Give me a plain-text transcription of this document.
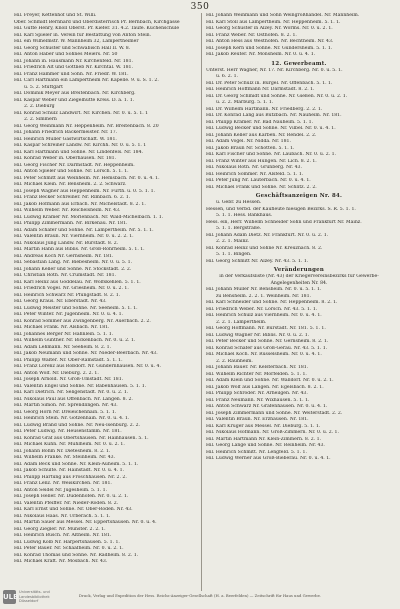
350
Hil. Freyer, Kettenhof und St. Willi.
Ober. Schmidt Bernhard und Oberdisterrisch Pr. Bernbach, Kirchgasse
Hil. Gutte Henry, Knoll Oberst. Pr. Kiefer. 31. 4.2. Taufe. Kuchenschule
Hil. Karl Spieler in. Verein für Bestattung von Anton Stein.
Hil. ein Wilhelmstr. W. Mannheim 32, Lampertheimer
Hil. Georg Schuster und Schwäbisch Hall II. W. 8.
Hil. Anton Haber und Sohnes Meiers. Nr. 50
Hil. Johann in. Hausmann Nr. Kirchenfeld. Nr. 181.
Hil. Friedrich Alt und Gottlieb Nr. Kirchtal. W. 181.
Hil. Franz Hammer und Sohn. Nr. Friedr. W. 181.
Hil. Carl Hartmann ein Lampertheim Nr. Kapelle. 9. u. S. 1. 2.
u. 5. 2. Stuttgart
Hil. Dominik Meyer aus Breitenbach. Nr. Kirchberg.
Hil. Kaspar Weber und Ziegelhütte Kreis. D. a. 1. 1.
2. 2. Dieburg
Hil. Konrad Schulz Landwirt. Nr. Kirchen. Nr. 0. u. 5. 1. 1
2. 2. Simmern
Hil. Georg Weinmann Nr. Heppenheim. Nr. Breitenbach. 8. 20
Hil. Johann Friedrich Bäckermeister. Nr. 17.
Hil. Heinrich Müller Gastwirtschaft. W. 181.
Hil. Kaspar Schreiner Landw. Nr. Kirchh. Nr. 0. u. 5. 1. 1
Hil. Karl Hartmann und Söhne. Nr. Lindenfels. Nr. 184.
Hil. Konrad Weber in. Oberhausen. Nr. 181.
Hil. Georg Fischer Nr. Darmstadt. Nr. Heppenheim.
Hil. Anton Spieler und Söhne. Nr. Lorsch. 5. 1. 1.
Hil. Peter Schmitt aus Weinheim. Nr. Hemsbach. Nr. 0. u. 4. 1.
Hil. Michael Klein. Nr. Bensheim. 2. 2. Schwarz.
Hil. Joseph Wagner aus Heppenheim. Nr. Fürth. u. 0. 5. 1. 1.
Hil. Franz Becker Schreiner. Nr. Rimbach. 6. 2. 1.
Hil. Jakob Hofmann aus Erbach. Nr. Michelstadt. 8. 2. 1.
Hil. Wilhelm Weber. Nr. Reichelsheim. Nr. 43.
Hil. Ludwig Krämer Nr. Mörlenbach. Nr. Wald-Michelbach. 1. 1.
Hil. Philipp Zimmermann. Nr. Birkenau. Nr. 181.
Hil. Adam Schäfer und Söhne. Nr. Lampertheim. Nr. 5. 1. 1.
Hil. Valentin Braun. Nr. Viernheim. Nr. 0. u. 2. 2. 1.
Hil. Nikolaus Jung Landw. Nr. Bürstadt. 8. 2.
Hil. Martin Hahn aus Biblis. Nr. Groß-Rohrheim. 5. 1. 1.
Hil. Andreas Koch Nr. Gernsheim. Nr. 181.
Hil. Sebastian Lang. Nr. Biebesheim. Nr. 0. u. 5. 1.
Hil. Johann Keller und Söhne. Nr. Stockstadt. 2. 2.
Hil. Christian Roth. Nr. Crumstadt. Nr. 181.
Hil. Karl Heinz aus Goddelau. Nr. Wolfskehlen. 5. 1. 1.
Hil. Friedrich Vogel. Nr. Griesheim. Nr. 0. u. 2. 1.
Hil. Heinrich Schwarz Nr. Pfungstadt. 8. 2. 1.
Hil. Georg Kraus. Nr. Eberstadt. Nr. 43.
Hil. Ludwig Meister und Söhne. Nr. Seeheim. 5. 1. 1.
Hil. Peter Winter. Nr. Jugenheim. Nr. 0. u. 4. 1.
Hil. Konrad Sommer aus Zwingenberg. Nr. Auerbach. 2. 2.
Hil. Michael Frank. Nr. Alsbach. Nr. 181.
Hil. Johannes Berger Nr. Hähnlein. 5. 1. 1.
Hil. Wilhelm Günther. Nr. Bickenbach. Nr. 0. u. 2. 1.
Hil. Adam Lehmann. Nr. Seeheim. 8. 2. 1.
Hil. Jakob Neumann und Söhne. Nr. Nieder-Beerbach. Nr. 43.
Hil. Philipp Walter. Nr. Ober-Ramstadt. 5. 1. 1.
Hil. Franz Lorenz aus Roßdorf. Nr. Gundernhausen. Nr. 0. u. 4.
Hil. Anton Wolf. Nr. Dieburg. 2. 2. 1.
Hil. Joseph Arnold. Nr. Groß-Umstadt. Nr. 181.
Hil. Valentin Engel und Söhne. Nr. Babenhausen. 5. 1. 1.
Hil. Karl Dietrich. Nr. Seligenstadt. Nr. 0. u. 2. 1.
Hil. Nikolaus Paul aus Offenbach. Nr. Langen. 8. 2.
Hil. Martin Simon. Nr. Sprendlingen. Nr. 43.
Hil. Georg Horn Nr. Dreieichenhain. 5. 1. 1.
Hil. Heinrich Stein. Nr. Götzenhain. Nr. 0. u. 4. 1.
Hil. Ludwig Brand und Söhne. Nr. Neu-Isenburg. 2. 2.
Hil. Peter Ludwig. Nr. Heusenstamm. Nr. 181.
Hil. Konrad Graf aus Obertshausen. Nr. Hainhausen. 5. 1.
Hil. Michael Kuhn. Nr. Mühlheim. Nr. 0. u. 2. 1.
Hil. Johann Böhm Nr. Dietesheim. 8. 2. 1.
Hil. Wilhelm Franke. Nr. Steinheim. Nr. 43.
Hil. Adam Beck und Söhne. Nr. Klein-Auheim. 5. 1. 1.
Hil. Jakob Schulte. Nr. Hainstadt. Nr. 0. u. 4. 1.
Hil. Philipp Hartung aus Froschhausen. Nr. 2. 2.
Hil. Franz Lenz. Nr. Weiskirchen. Nr. 181.
Hil. Anton Seidel Nr. Jügesheim. 5. 1. 1.
Hil. Joseph Heller. Nr. Dudenhofen. Nr. 0. u. 2. 1.
Hil. Valentin Pfeiffer. Nr. Nieder-Roden. 8. 2.
Hil. Karl Ernst und Söhne. Nr. Ober-Roden. Nr. 43.
Hil. Nikolaus Haas. Nr. Urberach. 5. 1. 1.
Hil. Martin Sauer aus Messel. Nr. Eppertshausen. Nr. 0. u. 4.
Hil. Georg Ziegler. Nr. Münster. 2. 2. 1.
Hil. Heinrich Busch. Nr. Altheim. Nr. 181.
Hil. Ludwig Kolb Nr. Harpertshausen. 5. 1. 1.
Hil. Peter Bauer. Nr. Schaafheim. Nr. 0. u. 2. 1.
Hil. Konrad Thomas und Söhne. Nr. Radheim. 8. 2. 1.
Hil. Michael Kraft. Nr. Mosbach. Nr. 43.
Hil. Johann Weinmann und Sohn Weingroßhandel. Nr. Mannheim.
Hil. Karl Stoll aus Lampertheim. Nr. Heppenheim. 5. 1. 1.
Hil. Georg Schuster in Alzey. Nr. Worms. Nr. 0. u. 2. 1.
Hil. Franz Weber. Nr. Osthofen. 8. 2. 1.
Hil. Anton Hess aus Westhofen. Nr. Bechtheim. Nr. 43.
Hil. Joseph Kern und Söhne. Nr. Gundersheim. 5. 1. 1.
Hil. Jakob Reuter. Nr. Monsheim. Nr. 0. u. 4. 1.
12. Gewerbeamt.
Unterst. Herr Wagner, Nr. 17. Nr. Kirchberg. Nr. 0. u. 5. 1.
u. 6. 2. 1.
Hil. Dr. Peter Schulz in. Bürgel. Nr. Offenbach. 5. 1. 1.
Hil. Heinrich Hoffmann Nr. Darmstadt. 8. 2. 1.
Hil. Dr. Georg Schmidt und Söhne. Nr. Gießen. Nr. 0. u. 2. 1.
u. 2. 2. Marburg. 5. 1. 1.
Hil. Dr. Wilhelm Hartmann. Nr. Friedberg. 2. 2. 1.
Hil. Dr. Konrad Lang aus Butzbach. Nr. Nauheim. Nr. 181.
Hil. Philipp Krämer. Nr. Bad Nauheim. 5. 1. 1.
Hil. Ludwig Becker und Söhne. Nr. Vilbel. Nr. 0. u. 4. 1.
Hil. Johann Keller aus Karben. Nr. Rendel. 2. 2.
Hil. Adam Vogel. Nr. Nidda. Nr. 181.
Hil. Jakob Braun Nr. Schotten. 5. 1. 1.
Hil. Karl Fischer und Söhne. Nr. Laubach. Nr. 0. u. 2. 1.
Hil. Franz Winter aus Hungen. Nr. Lich. 8. 2. 1.
Hil. Nikolaus Roth. Nr. Grünberg. Nr. 43.
Hil. Heinrich Sommer. Nr. Alsfeld. 5. 1. 1.
Hil. Peter Jung Nr. Lauterbach. Nr. 0. u. 4. 1.
Hil. Michael Frank und Söhne. Nr. Schlitz. 2. 2.
Geschäftsanzeigen Nr. 84.
u. Gebr. zu Hessen.
Hessen, und Verbd. der Kaufleute hiesigen Bezirks. S. R. 5. 1. 1.
5. 1. 1. Hess. Bankhaus.
Hess. ein, Herr. Wilhelm Schneider Sohn und Frankfurt Nr. Mainz.
5. 1. 1. Bergstraße.
Hil. Johann Adam Dietz. Nr. Frankfurt. Nr. 0. u. 2. 1.
2. 2. 1. Mainz.
Hil. Konrad Heinz und Söhne Nr. Kreuznach. 8. 2.
5. 1. 1. Bingen.
Hil. Georg Schmitt Nr. Alzey. Nr. 43. 5. 1. 1.
Veränderungen
in der Verkaufsliste (Nr. 43) der Kriegervereinsbezirks für Gewerbe-Angelegenheiten Nr. 84.
Hil. Johann Müller Nr. Bensheim. Nr. 0. u. 5. 1. 1.
zu Bensheim. 2. 2. 1. Weinheim. Nr. 181.
Hil. Karl Schneider und Söhne. Nr. Heppenheim. 8. 2. 1.
Hil. Friedrich Weber. Nr. Lorsch. Nr. 43. 5. 1. 1.
Hil. Heinrich Schulz aus Viernheim. Nr. 0. u. 4. 1.
2. 2. 1. Lampertheim.
Hil. Georg Hoffmann. Nr. Bürstadt. Nr. 181. 5. 1. 1.
Hil. Ludwig Wagner Nr. Biblis. Nr. 0. u. 2. 1.
Hil. Peter Becker und Söhne. Nr. Gernsheim. 8. 2. 1.
Hil. Konrad Schäfer aus Groß-Gerau. Nr. 43. 5. 1. 1.
Hil. Michael Koch. Nr. Rüsselsheim. Nr. 0. u. 4. 1.
2. 2. Raunheim.
Hil. Johann Bauer. Nr. Kelsterbach. Nr. 181.
Hil. Wilhelm Richter Nr. Mörfelden. 5. 1. 1.
Hil. Adam Klein und Söhne. Nr. Walldorf. Nr. 0. u. 2. 1.
Hil. Jakob Wolf aus Langen. Nr. Egelsbach. 8. 2. 1.
Hil. Philipp Schröder. Nr. Arheilgen. Nr. 43.
Hil. Franz Neumann. Nr. Wixhausen. 5. 1. 1.
Hil. Anton Schwarz Nr. Gräfenhausen. Nr. 0. u. 4. 1.
Hil. Joseph Zimmermann und Söhne. Nr. Weiterstadt. 2. 2.
Hil. Valentin Braun. Nr. Erzhausen. Nr. 181.
Hil. Karl Krüger aus Messel. Nr. Dieburg. 5. 1. 1.
Hil. Nikolaus Hofmann. Nr. Groß-Zimmern. Nr. 0. u. 2. 1.
Hil. Martin Hartmann Nr. Klein-Zimmern. 8. 2. 1.
Hil. Georg Lange und Söhne. Nr. Reinheim. Nr. 43.
Hil. Heinrich Schmitt. Nr. Lengfeld. 5. 1. 1.
Hil. Ludwig Werner aus Groß-Bieberau. Nr. 0. u. 4. 1.
Druck, Verlag und Expedition der Hess. Reichs-Anzeiger-Gesellschaft (H. a. Beerfelden) — Zeitschrift für Haus und Gewerbe.
ULB
Universitäts- und
Landesbibliothek Düsseldorf
